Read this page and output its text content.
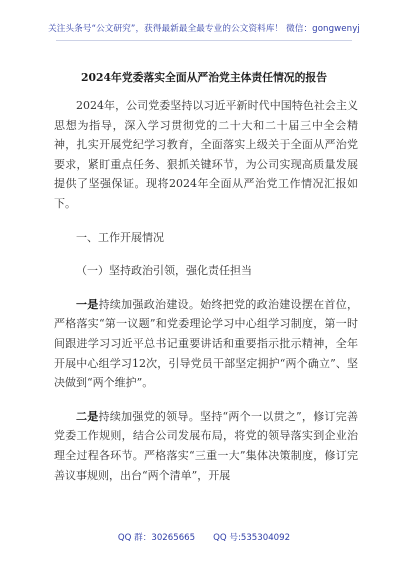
关注头条号“公文研究”，获得最新最全最专业的公文资料库！ 微信：gongwenyj
2024年党委落实全面从严治党主体责任情况的报告

2024年，公司党委坚持以习近平新时代中国特色社会主义思想为指导，深入学习贯彻党的二十大和二十届三中全会精神，扎实开展党纪学习教育，全面落实上级关于全面从严治党要求，紧盯重点任务、狠抓关键环节，为公司实现高质量发展提供了坚强保证。现将2024年全面从严治党工作情况汇报如下。

一、工作开展情况

（一）坚持政治引领，强化责任担当

一是持续加强政治建设。始终把党的政治建设摆在首位，严格落实“第一议题”和党委理论学习中心组学习制度，第一时间跟进学习习近平总书记重要讲话和重要指示批示精神，全年开展中心组学习12次，引导党员干部坚定拥护“两个确立”、坚决做到“两个维护”。

二是持续加强党的领导。坚持“两个一以贯之”，修订完善党委工作规则，结合公司发展布局，将党的领导落实到企业治理全过程各环节。严格落实“三重一大”集体决策制度，修订完善议事规则，出台“两个清单”，开展

QQ 群：30265665 QQ 号:535304092
